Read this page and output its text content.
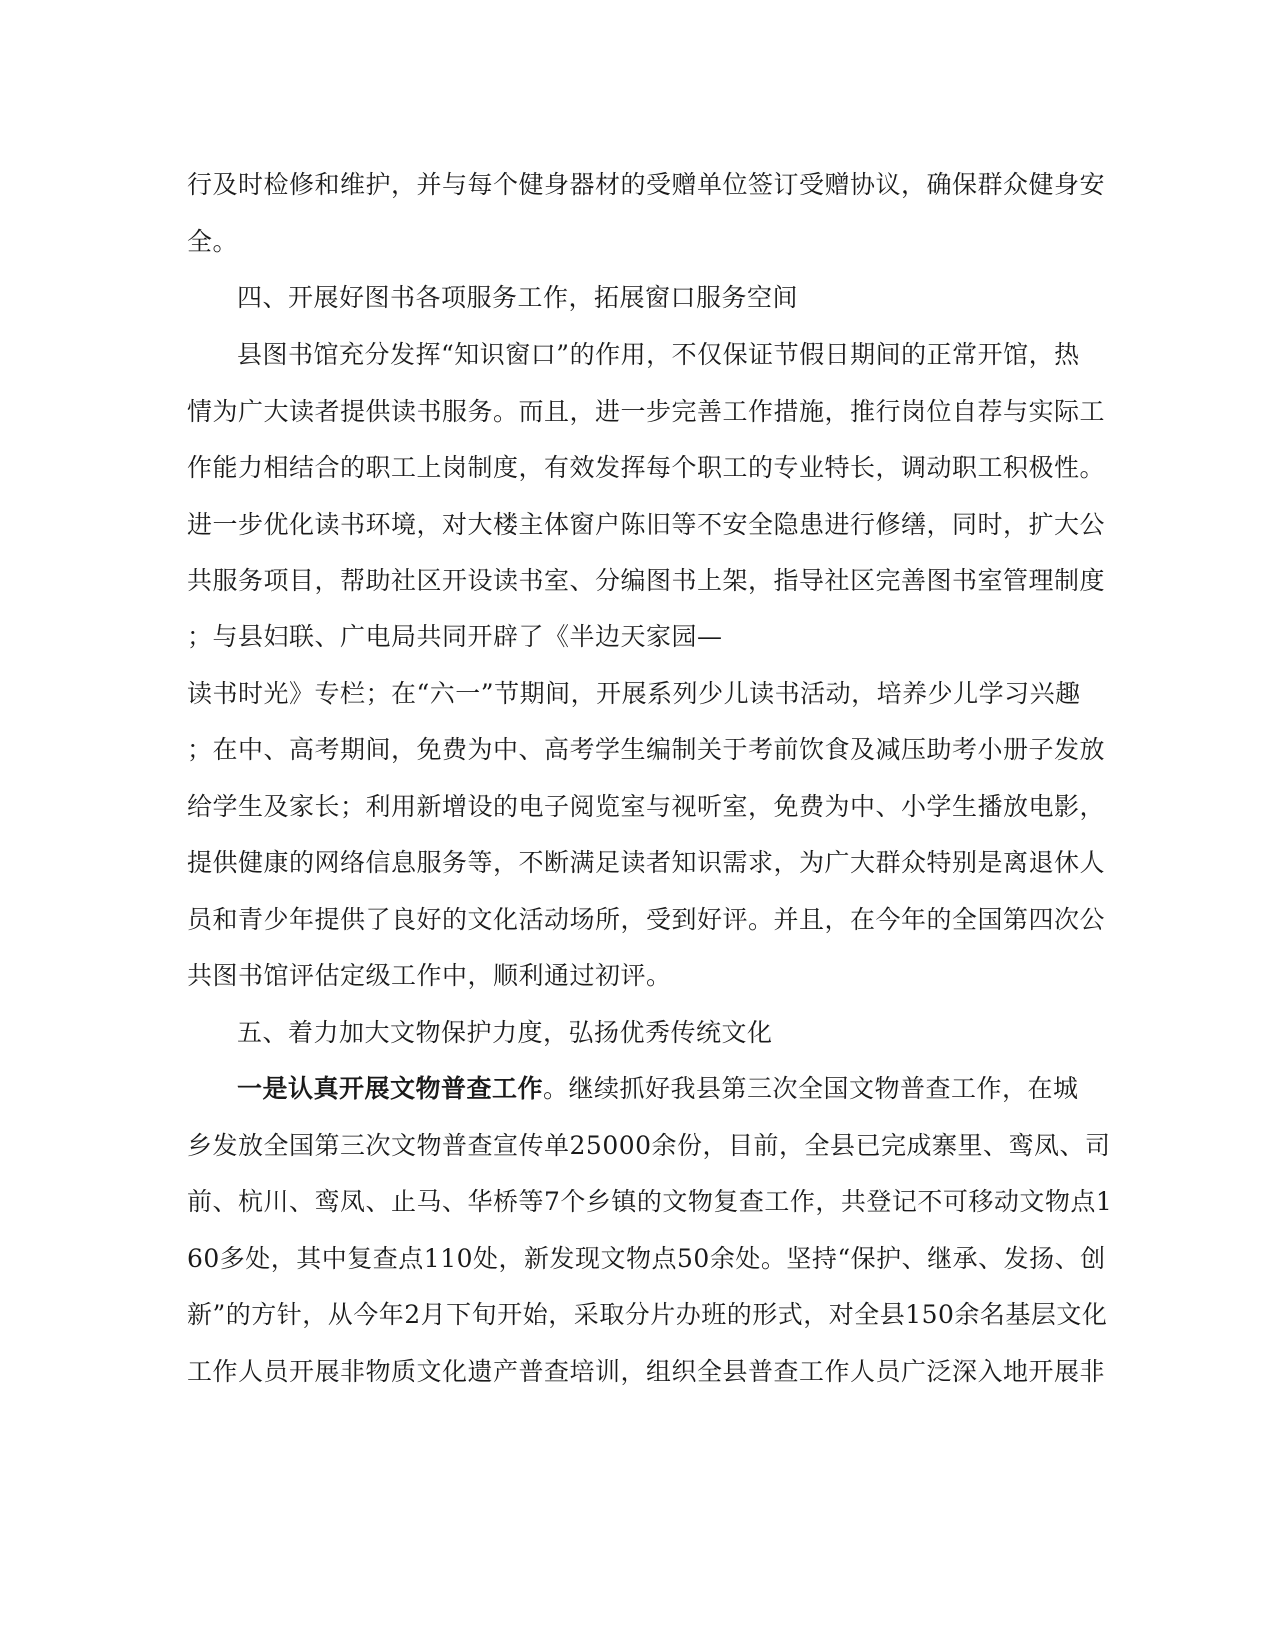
行及时检修和维护，并与每个健身器材的受赠单位签订受赠协议，确保群众健身安
全。
四、开展好图书各项服务工作，拓展窗口服务空间
县图书馆充分发挥“知识窗口”的作用，不仅保证节假日期间的正常开馆，热
情为广大读者提供读书服务。而且，进一步完善工作措施，推行岗位自荐与实际工
作能力相结合的职工上岗制度，有效发挥每个职工的专业特长，调动职工积极性。
进一步优化读书环境，对大楼主体窗户陈旧等不安全隐患进行修缮，同时，扩大公
共服务项目，帮助社区开设读书室、分编图书上架，指导社区完善图书室管理制度
；与县妇联、广电局共同开辟了《半边天家园—
读书时光》专栏；在“六一”节期间，开展系列少儿读书活动，培养少儿学习兴趣
；在中、高考期间，免费为中、高考学生编制关于考前饮食及减压助考小册子发放
给学生及家长；利用新增设的电子阅览室与视听室，免费为中、小学生播放电影，
提供健康的网络信息服务等，不断满足读者知识需求，为广大群众特别是离退休人
员和青少年提供了良好的文化活动场所，受到好评。并且，在今年的全国第四次公
共图书馆评估定级工作中，顺利通过初评。
五、着力加大文物保护力度，弘扬优秀传统文化
一是认真开展文物普查工作。继续抓好我县第三次全国文物普查工作，在城
乡发放全国第三次文物普查宣传单25000余份，目前，全县已完成寨里、鸾凤、司
前、杭川、鸾凤、止马、华桥等7个乡镇的文物复查工作，共登记不可移动文物点1
60多处，其中复查点110处，新发现文物点50余处。坚持“保护、继承、发扬、创
新”的方针，从今年2月下旬开始，采取分片办班的形式，对全县150余名基层文化
工作人员开展非物质文化遗产普查培训，组织全县普查工作人员广泛深入地开展非
